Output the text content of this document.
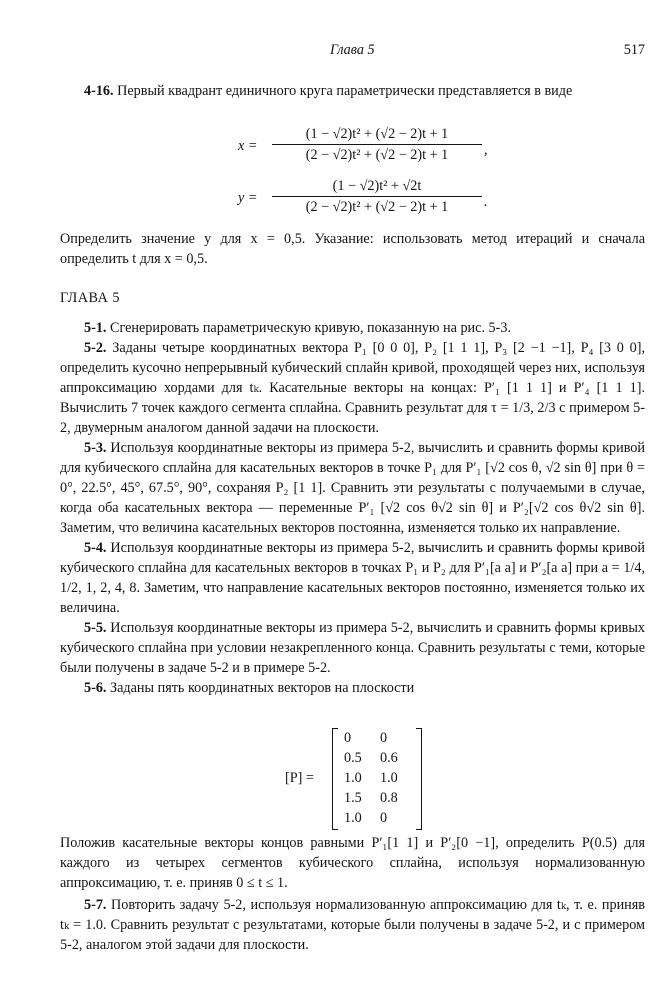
Глава 5	517

4-16. Первый квадрант единичного круга параметрически представляется в виде

$x = \frac{\text{(1 − √2)t² + (√2 − 2)t + 1}}{\text{(2 − √2)t² + (√2 − 2)t + 1}}$ ,
$y = \frac{\text{(1 − √2)t² + √2t}}{\text{(2 − √2)t² + (√2 − 2)t + 1}}$ .

Определить значение y для x = 0,5. Указание: использовать метод итераций и сначала определить t для x = 0,5.

ГЛАВА 5

5-1. Сгенерировать параметрическую кривую, показанную на рис. 5-3.

5-2. Заданы четыре координатных вектора P₁ [0 0 0], P₂ [1 1 1], P₃ [2 −1 −1], P₄ [3 0 0], определить кусочно непрерывный кубический сплайн кривой, проходящей через них, используя аппроксимацию хордами для tₖ. Касательные векторы на концах: P′₁ [1 1 1] и P′₄ [1 1 1]. Вычислить 7 точек каждого сегмента сплайна. Сравнить результат для τ = 1/3, 2/3 с примером 5-2, двумерным аналогом данной задачи на плоскости.

5-3. Используя координатные векторы из примера 5-2, вычислить и сравнить формы кривой для кубического сплайна для касательных векторов в точке P₁ для P′₁ [√2 cos θ, √2 sin θ] при θ = 0°, 22.5°, 45°, 67.5°, 90°, сохраняя P₂ [1 1]. Сравнить эти результаты с получаемыми в случае, когда оба касательных вектора — переменные P′₁ [√2 cos θ√2 sin θ] и P′₂[√2 cos θ√2 sin θ]. Заметим, что величина касательных векторов постоянна, изменяется только их направление.

5-4. Используя координатные векторы из примера 5-2, вычислить и сравнить формы кривой кубического сплайна для касательных векторов в точках P₁ и P₂ для P′₁[a a] и P′₂[a a] при a = 1/4, 1/2, 1, 2, 4, 8. Заметим, что направление касательных векторов постоянно, изменяется только их величина.

5-5. Используя координатные векторы из примера 5-2, вычислить и сравнить формы кривых кубического сплайна при условии незакрепленного конца. Сравнить результаты с теми, которые были получены в задаче 5-2 и в примере 5-2.

5-6. Заданы пять координатных векторов на плоскости

[P] =
0 0
0.5 0.6
1.0 1.0
1.5 0.8
1.0 0

Положив касательные векторы концов равными P′₁[1 1] и P′₂[0 −1], определить P(0.5) для каждого из четырех сегментов кубического сплайна, используя нормализованную аппроксимацию, т. е. приняв 0 ≤ t ≤ 1.

5-7. Повторить задачу 5-2, используя нормализованную аппроксимацию для tₖ, т. е. приняв tₖ = 1.0. Сравнить результат с результатами, которые были получены в задаче 5-2, и с примером 5-2, аналогом этой задачи для плоскости.
